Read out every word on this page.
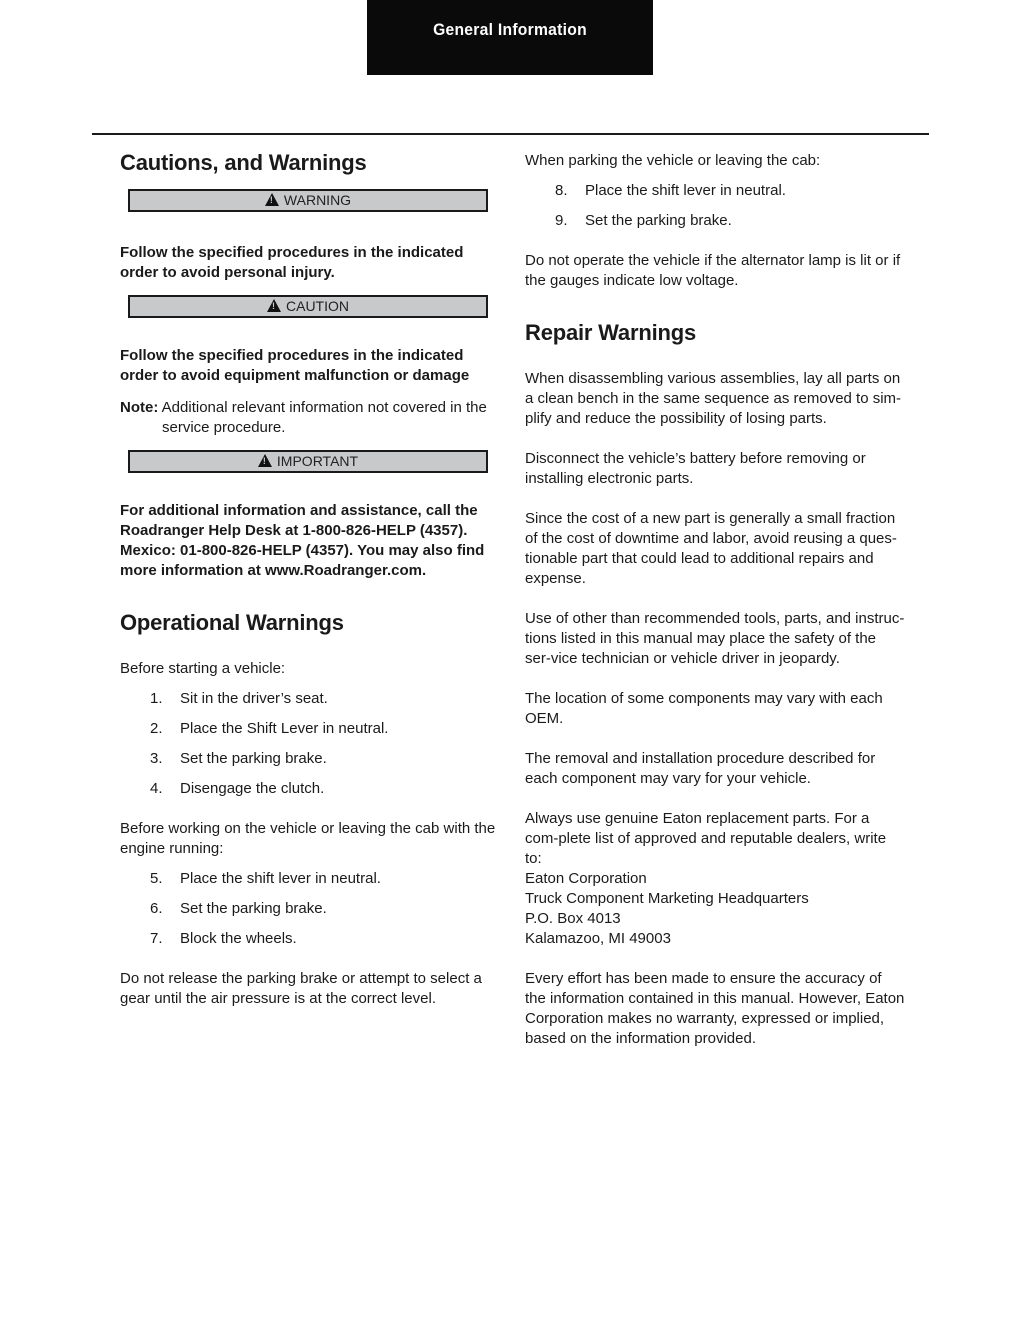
General Information
Cautions, and Warnings
!WARNING

Follow the specified procedures in the indicated order to avoid personal injury.

!CAUTION

Follow the specified procedures in the indicated order to avoid equipment malfunction or damage

Note: Additional relevant information not covered in the service procedure.

!IMPORTANT

For additional information and assistance, call the Roadranger Help Desk at 1-800-826-HELP (4357). Mexico: 01-800-826-HELP (4357). You may also find more information at www.Roadranger.com.

Operational Warnings

Before starting a vehicle:

1.	Sit in the driver’s seat.
2.	Place the Shift Lever in neutral.
3.	Set the parking brake.
4.	Disengage the clutch.

Before working on the vehicle or leaving the cab with the engine running:

5.	Place the shift lever in neutral.
6.	Set the parking brake.
7.	Block the wheels.

Do not release the parking brake or attempt to select a gear until the air pressure is at the correct level.

When parking the vehicle or leaving the cab:

8.	Place the shift lever in neutral.
9.	Set the parking brake.

Do not operate the vehicle if the alternator lamp is lit or if the gauges indicate low voltage.

Repair Warnings

When disassembling various assemblies, lay all parts on a clean bench in the same sequence as removed to sim-plify and reduce the possibility of losing parts.

Disconnect the vehicle’s battery before removing or installing electronic parts.

Since the cost of a new part is generally a small fraction of the cost of downtime and labor, avoid reusing a ques-tionable part that could lead to additional repairs and expense.

Use of other than recommended tools, parts, and instruc-tions listed in this manual may place the safety of the ser-vice technician or vehicle driver in jeopardy.

The location of some components may vary with each OEM.

The removal and installation procedure described for each component may vary for your vehicle.

Always use genuine Eaton replacement parts. For a com-plete list of approved and reputable dealers, write to:

Eaton Corporation
Truck Component Marketing Headquarters
P.O. Box 4013
Kalamazoo, MI 49003

Every effort has been made to ensure the accuracy of the information contained in this manual. However, Eaton Corporation makes no warranty, expressed or implied, based on the information provided.
